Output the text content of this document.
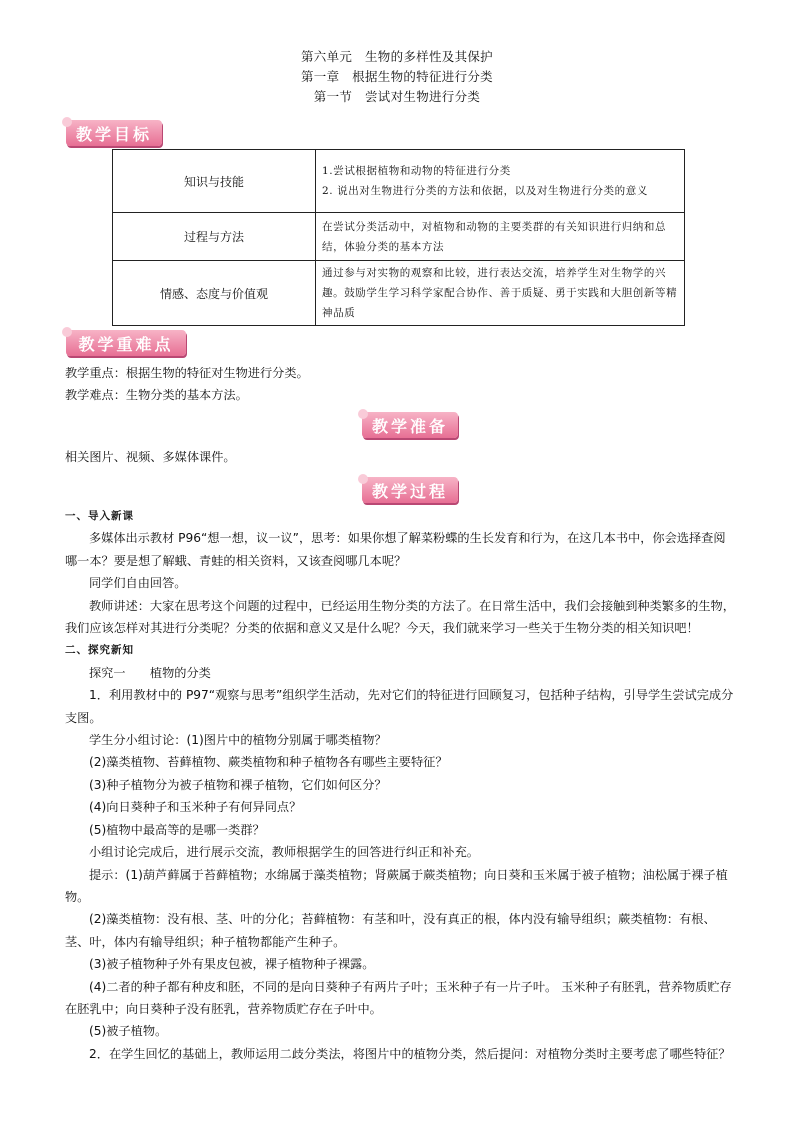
第六单元　生物的多样性及其保护
第一章　根据生物的特征进行分类
第一节　尝试对生物进行分类
教学目标
知识与技能	1.尝试根据植物和动物的特征进行分类
2. 说出对生物进行分类的方法和依据，以及对生物进行分类的意义
过程与方法	在尝试分类活动中，对植物和动物的主要类群的有关知识进行归纳和总结，体验分类的基本方法
情感、态度与价值观	通过参与对实物的观察和比较，进行表达交流，培养学生对生物学的兴趣。鼓励学生学习科学家配合协作、善于质疑、勇于实践和大胆创新等精神品质
教学重难点

教学重点：根据生物的特征对生物进行分类。

教学难点：生物分类的基本方法。

教学准备

相关图片、视频、多媒体课件。

教学过程

一、导入新课

多媒体出示教材 P96“想一想，议一议”，思考：如果你想了解菜粉蝶的生长发育和行为，在这几本书中，你会选择查阅哪一本？要是想了解蛾、青蛙的相关资料，又该查阅哪几本呢？

同学们自由回答。

教师讲述：大家在思考这个问题的过程中，已经运用生物分类的方法了。在日常生活中，我们会接触到种类繁多的生物，我们应该怎样对其进行分类呢？分类的依据和意义又是什么呢？今天，我们就来学习一些关于生物分类的相关知识吧！

二、探究新知

探究一　　植物的分类

1．利用教材中的 P97“观察与思考”组织学生活动，先对它们的特征进行回顾复习，包括种子结构，引导学生尝试完成分支图。

学生分小组讨论：(1)图片中的植物分别属于哪类植物？

(2)藻类植物、苔藓植物、蕨类植物和种子植物各有哪些主要特征？

(3)种子植物分为被子植物和裸子植物，它们如何区分？

(4)向日葵种子和玉米种子有何异同点？

(5)植物中最高等的是哪一类群？

小组讨论完成后，进行展示交流，教师根据学生的回答进行纠正和补充。

提示：(1)葫芦藓属于苔藓植物；水绵属于藻类植物；肾蕨属于蕨类植物；向日葵和玉米属于被子植物；油松属于裸子植物。

(2)藻类植物：没有根、茎、叶的分化；苔藓植物：有茎和叶，没有真正的根，体内没有输导组织；蕨类植物：有根、茎、叶，体内有输导组织；种子植物都能产生种子。

(3)被子植物种子外有果皮包被，裸子植物种子裸露。

(4)二者的种子都有种皮和胚，不同的是向日葵种子有两片子叶；玉米种子有一片子叶。 玉米种子有胚乳，营养物质贮存在胚乳中；向日葵种子没有胚乳，营养物质贮存在子叶中。

(5)被子植物。

2．在学生回忆的基础上，教师运用二歧分类法，将图片中的植物分类，然后提问：对植物分类时主要考虑了哪些特征？
